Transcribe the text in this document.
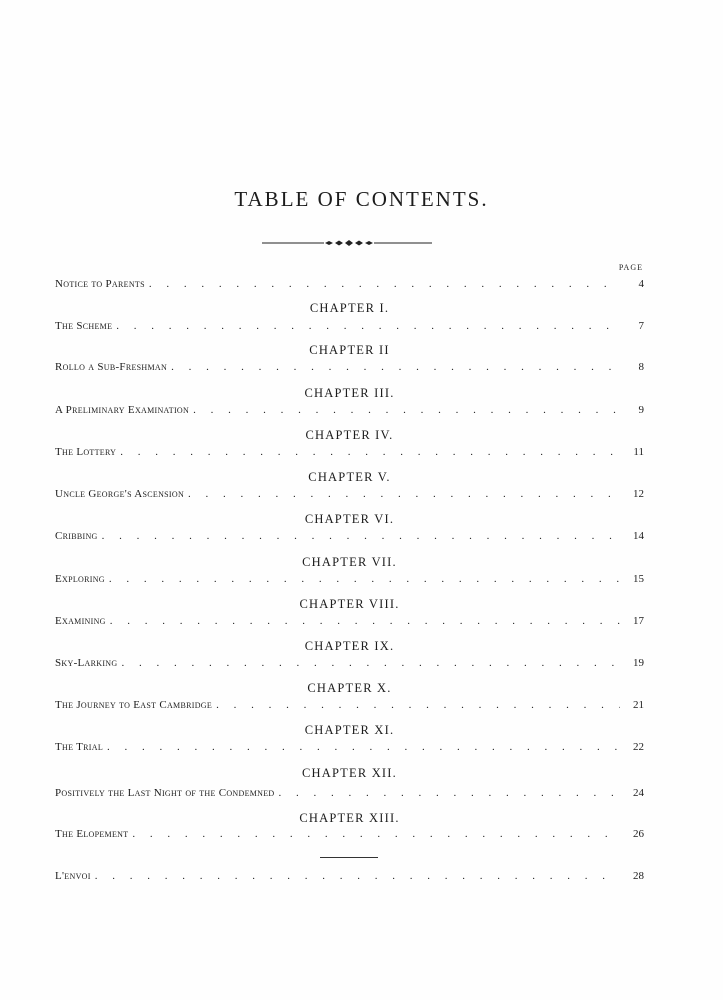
TABLE OF CONTENTS.
PAGE
Notice to Parents . . .	4
CHAPTER I.
The Scheme . . .	7
CHAPTER II
Rollo a Sub-Freshman . . .	8
CHAPTER III.
A Preliminary Examination . . .	9
CHAPTER IV.
The Lottery . . .	11
CHAPTER V.
Uncle George's Ascension . . .	12
CHAPTER VI.
Cribbing . . .	14
CHAPTER VII.
Exploring . . .	15
CHAPTER VIII.
Examining . . .	17
CHAPTER IX.
Sky-Larking . . .	19
CHAPTER X.
The Journey to East Cambridge . . .	21
CHAPTER XI.
The Trial . . .	22
CHAPTER XII.
Positively the Last Night of the Condemned . . .	24
CHAPTER XIII.
The Elopement . . .	26
L'envoi . . .	28
